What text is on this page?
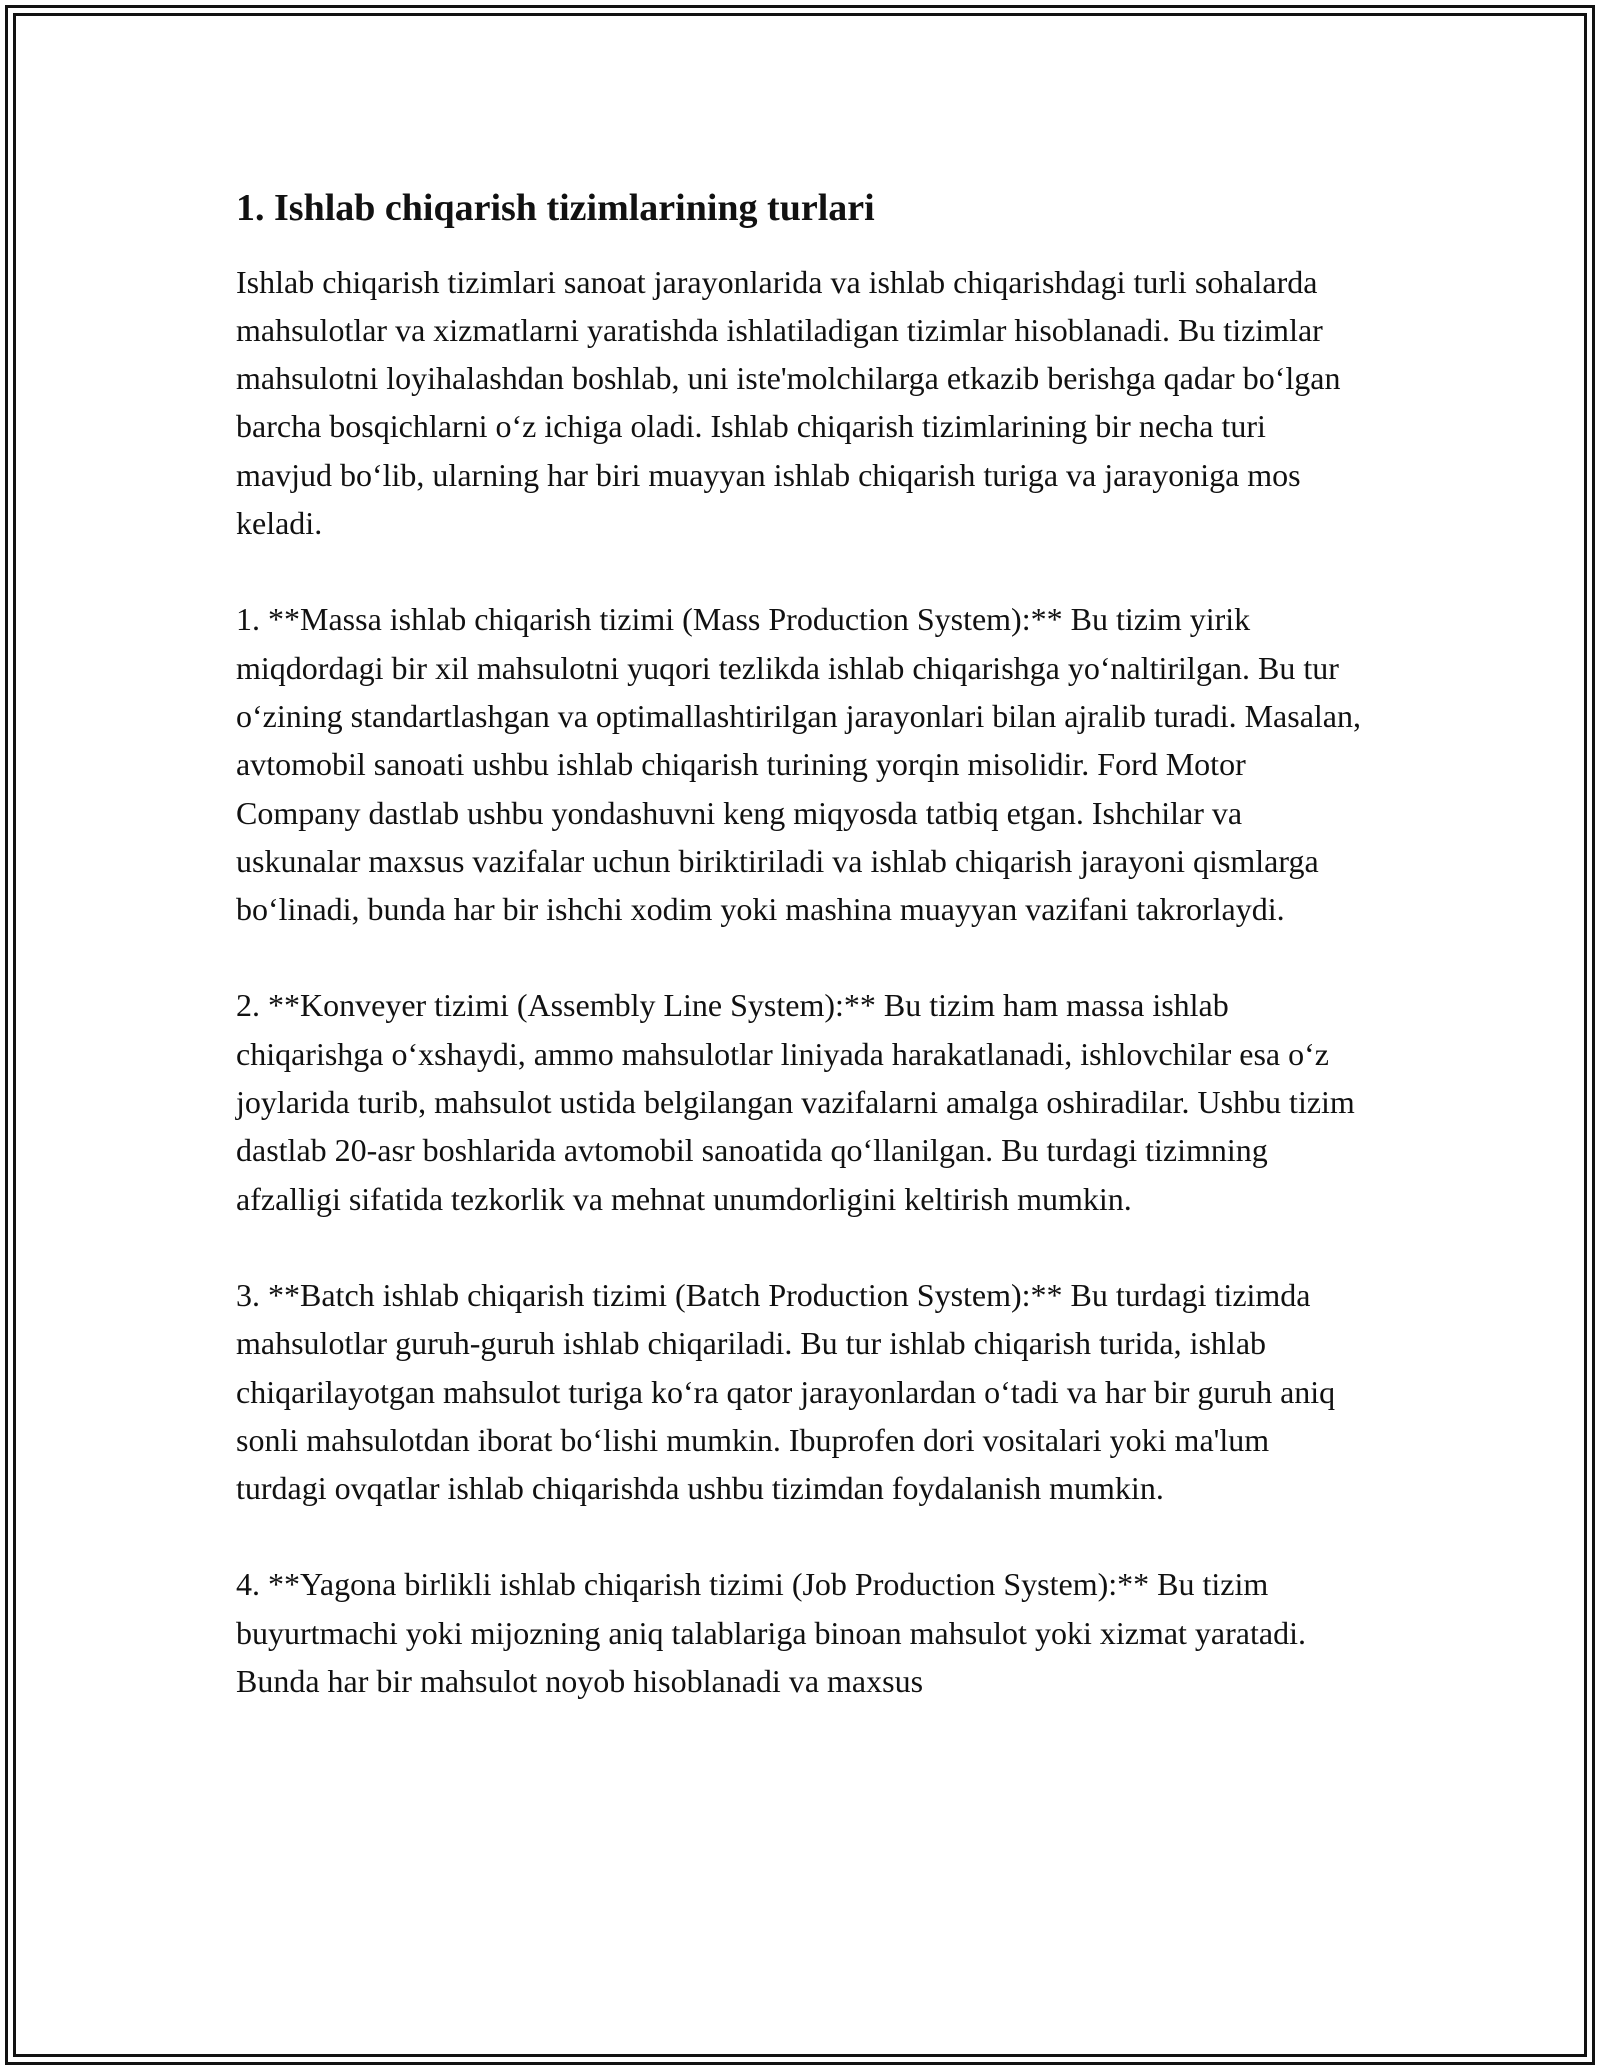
1. Ishlab chiqarish tizimlarining turlari

Ishlab chiqarish tizimlari sanoat jarayonlarida va ishlab chiqarishdagi turli sohalarda mahsulotlar va xizmatlarni yaratishda ishlatiladigan tizimlar hisoblanadi. Bu tizimlar mahsulotni loyihalashdan boshlab, uni iste'molchilarga etkazib berishga qadar bo‘lgan barcha bosqichlarni o‘z ichiga oladi. Ishlab chiqarish tizimlarining bir necha turi mavjud bo‘lib, ularning har biri muayyan ishlab chiqarish turiga va jarayoniga mos keladi.

1. **Massa ishlab chiqarish tizimi (Mass Production System):** Bu tizim yirik miqdordagi bir xil mahsulotni yuqori tezlikda ishlab chiqarishga yo‘naltirilgan. Bu tur o‘zining standartlashgan va optimallashtirilgan jarayonlari bilan ajralib turadi. Masalan, avtomobil sanoati ushbu ishlab chiqarish turining yorqin misolidir. Ford Motor Company dastlab ushbu yondashuvni keng miqyosda tatbiq etgan. Ishchilar va uskunalar maxsus vazifalar uchun biriktiriladi va ishlab chiqarish jarayoni qismlarga bo‘linadi, bunda har bir ishchi xodim yoki mashina muayyan vazifani takrorlaydi.

2. **Konveyer tizimi (Assembly Line System):** Bu tizim ham massa ishlab chiqarishga o‘xshaydi, ammo mahsulotlar liniyada harakatlanadi, ishlovchilar esa o‘z joylarida turib, mahsulot ustida belgilangan vazifalarni amalga oshiradilar. Ushbu tizim dastlab 20-asr boshlarida avtomobil sanoatida qo‘llanilgan. Bu turdagi tizimning afzalligi sifatida tezkorlik va mehnat unumdorligini keltirish mumkin.

3. **Batch ishlab chiqarish tizimi (Batch Production System):** Bu turdagi tizimda mahsulotlar guruh-guruh ishlab chiqariladi. Bu tur ishlab chiqarish turida, ishlab chiqarilayotgan mahsulot turiga ko‘ra qator jarayonlardan o‘tadi va har bir guruh aniq sonli mahsulotdan iborat bo‘lishi mumkin. Ibuprofen dori vositalari yoki ma'lum turdagi ovqatlar ishlab chiqarishda ushbu tizimdan foydalanish mumkin.

4. **Yagona birlikli ishlab chiqarish tizimi (Job Production System):** Bu tizim buyurtmachi yoki mijozning aniq talablariga binoan mahsulot yoki xizmat yaratadi. Bunda har bir mahsulot noyob hisoblanadi va maxsus
